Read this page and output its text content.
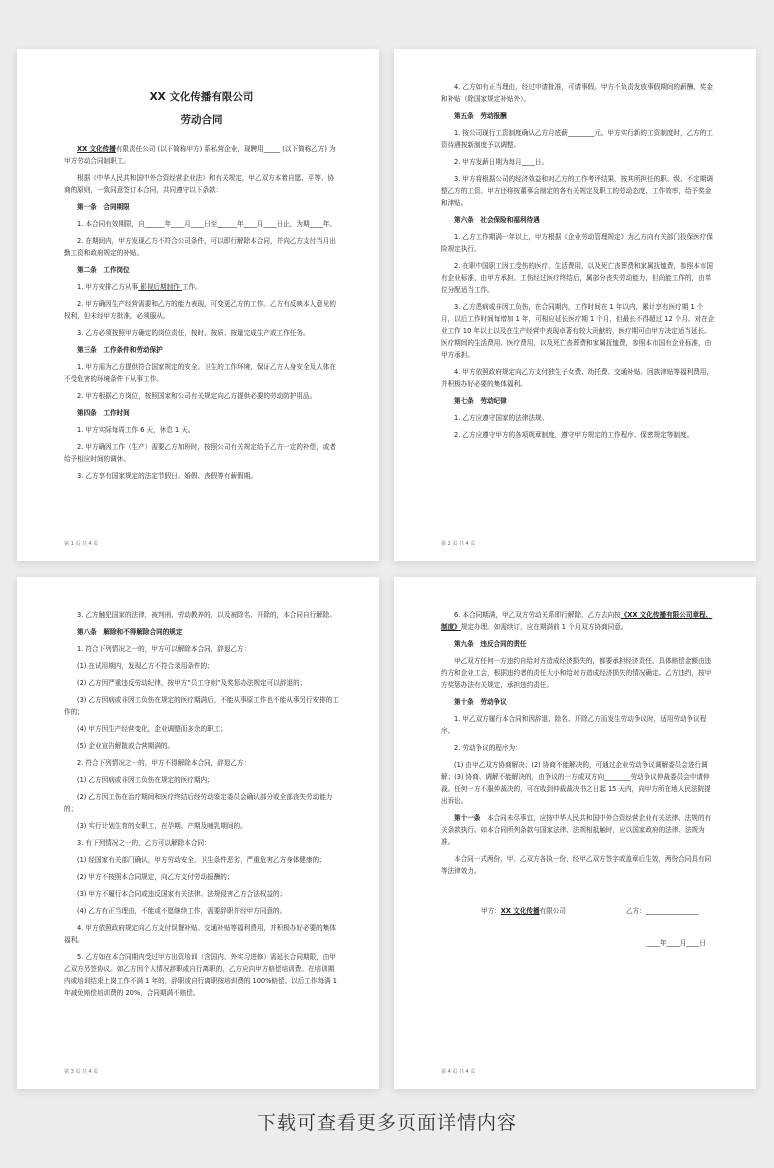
XX 文化传播有限公司
劳动合同
XX 文化传播有限责任公司 (以下简称甲方) 系私营企业，现聘用_____ (以下简称乙方) 为甲方劳动合同制职工。
根据《中华人民共和国中外合资经营企业法》和有关规定，甲乙双方本着自愿、平等、协商的原则，一致同意签订本合同，共同遵守以下条款：
第一条　合同期限
1. 本合同有效期限，自______年____月____日至______年____月____日止，为期____年。
2. 在期间内，甲方发现乙方不符合公司条件，可以即行解除本合同，并向乙方支付当月出勤工资和政府规定的补贴。
第二条　工作岗位
1. 甲方安排乙方从事 影视后期制作 工作。
2. 甲方确因生产经营需要和乙方的能力表现，可变更乙方的工作。乙方有反映本人意见的权利，但未经甲方批准，必须服从。
3. 乙方必须按照甲方确定的岗位责任，按时、按质、按量完成生产或工作任务。
第三条　工作条件和劳动保护
1. 甲方需为乙方提供符合国家规定的安全、卫生的工作环境，保证乙方人身安全及人体在不受危害的环境条件下从事工作。
2. 甲方根据乙方岗位，按照国家和公司有关规定向乙方提供必要的劳动防护用品。
第四条　工作时间
1. 甲方实际每周工作 6 天，休息 1 天。
2. 甲方确因工作（生产）需要乙方加班时，按照公司有关规定给予乙方一定的补偿，或者给予相应时间的调休。
3. 乙方享有国家规定的法定节假日、婚假、丧假等有薪假期。
第 1 页 共 4 页
4. 乙方如有正当理由，经过申请批准，可请事假。甲方不负责发放事假期间的薪酬、奖金和补贴（除国家规定补贴外）。
第五条　劳动报酬
1. 按公司现行工资制度确认乙方月底薪________元。甲方实行新的工资制度时，乙方的工资待遇按新制度予以调整。
2. 甲方发薪日期为每月____日。
3. 甲方将根据公司的经济效益和对乙方的工作考评结果，按其所担任的职、级、不定期调整乙方的工资。甲方还将按董事会制定的各有关规定及职工的劳动态度、工作效率，给予奖金和津贴。
第六条　社会保险和福利待遇
1. 乙方工作期满一年以上，甲方根据《企业劳动管理规定》为乙方向有关部门投保医疗保险规定执行。
2. 在职中国职工因工受伤的医疗、生活费用，以及死亡丧葬费和家属抚恤费，参照本市国有企业标准，由甲方承担。工伤经过医疗终结后，属部分丧失劳动能力，但尚能工作的，由单位分配适当工作。
3. 乙方患病或非因工负伤，在合同期内，工作时间在 1 年以内，累计享有医疗期 1 个月，以后工作时间每增加 1 年，可相应延长医疗期 1 个月，但最长不得超过 12 个月。对在企业工作 10 年以上以及在生产经营中表现卓著有较大贡献的，医疗期可由甲方决定适当延长。医疗期间的生活费用、医疗费用，以及死亡丧葬费和家属抚恤费，参照本市国有企业标准，由甲方承担。
4. 甲方依照政府规定向乙方支付独生子女费、幼托费、交通补贴、回族津贴等福利费用，并积极办好必要的集体福利。
第七条　劳动纪律
1. 乙方应遵守国家的法律法规。
2. 乙方应遵守甲方的各项规章制度，遵守甲方规定的工作程序、保密规定等制度。
第 2 页 共 4 页
3. 乙方触犯国家的法律，被判刑、劳动教养的，以及被除名、开除的，本合同自行解除。
第八条　解除和不得解除合同的规定
1. 符合下列情况之一的，甲方可以解除本合同，辞退乙方：
(1) 在试用期内，发现乙方不符合录用条件的；
(2) 乙方因严重违反劳动纪律，按甲方“员工守则”及奖惩办法规定可以辞退的；
(3) 乙方因病或非因工负伤在规定的医疗期满后，不能从事原工作也不能从事另行安排的工作的；
(4) 甲方因生产经营变化，企业调整而多余的职工；
(5) 企业宣告解散或合营期满的。
2. 符合下列情况之一的，甲方不得解除本合同，辞退乙方：
(1) 乙方因病或非因工负伤在规定的医疗期内；
(2) 乙方因工伤在治疗期间和医疗终结后经劳动鉴定委员会确认部分或全部丧失劳动能力的；
(3) 实行计划生育的女职工，在孕期、产期及哺乳期间的。
3. 有下列情况之一的，乙方可以解除本合同：
(1) 经国家有关部门确认，甲方劳动安全、卫生条件恶劣，严重危害乙方身体健康的；
(2) 甲方不按照本合同规定，向乙方支付劳动报酬的；
(3) 甲方不履行本合同或违反国家有关法律、法规侵害乙方合法权益的；
(4) 乙方有正当理由，不能或不愿继续工作，需要辞职并经甲方同意的。
4. 甲方依照政府规定向乙方支付误餐补贴、交通补贴等福利费用，并积极办好必要的集体福利。
5. 乙方如在本合同期内受过甲方出资培训（含国内、外实习进修）需延长合同期限，由甲乙双方另签协议。如乙方因个人情况辞职或自行离职的，乙方应向甲方赔偿培训费。在培训期内或培训结束上岗工作不满 1 年的，辞职或自行离职按培训费的 100%赔偿。以后工作每满 1 年减免赔偿培训费的 20%，合同期满不赔偿。
第 3 页 共 4 页
6. 本合同期满，甲乙双方劳动关系即行解除，乙方去向按《XX 文化传播有限公司章程、制度》规定办理。如需续订，应在期满前 1 个月双方协商同意。
第九条　违反合同的责任
甲乙双方任何一方违约自给对方造成经济损失的，都要承担经济责任。具体赔偿金额由违约方和企业工会，根据违约者的责任大小和给对方造成经济损失的情况确定。乙方违约，按甲方奖惩办法有关规定，承担违约责任。
第十条　劳动争议
1. 甲乙双方履行本合同和因辞退、除名、开除乙方而发生劳动争议时，适用劳动争议程序。
2. 劳动争议的程序为：
(1) 由甲乙双方协商解决；(2) 协商不能解决的，可通过企业劳动争议调解委员会进行调解；(3) 协商、调解不能解决的，由争议的一方或双方向________劳动争议仲裁委员会申请仲裁。任何一方不服仲裁决的，可在收到仲裁裁决书之日起 15 天内，向甲方所在地人民法院提出诉讼。
第十一条　本合同未尽事宜，应按中华人民共和国中外合资经营企业有关法律、法规的有关条款执行。如本合同所列条款与国家法律、法规相抵触时，应以国家政府的法律、法规为准。
本合同一式两份，甲、乙双方各执一份，经甲乙双方签字或盖章后生效，两份合同具有同等法律效力。
甲方：XX 文化传播有限公司	乙方：________________
____年____月____日
第 4 页 共 4 页
下载可查看更多页面详情内容
